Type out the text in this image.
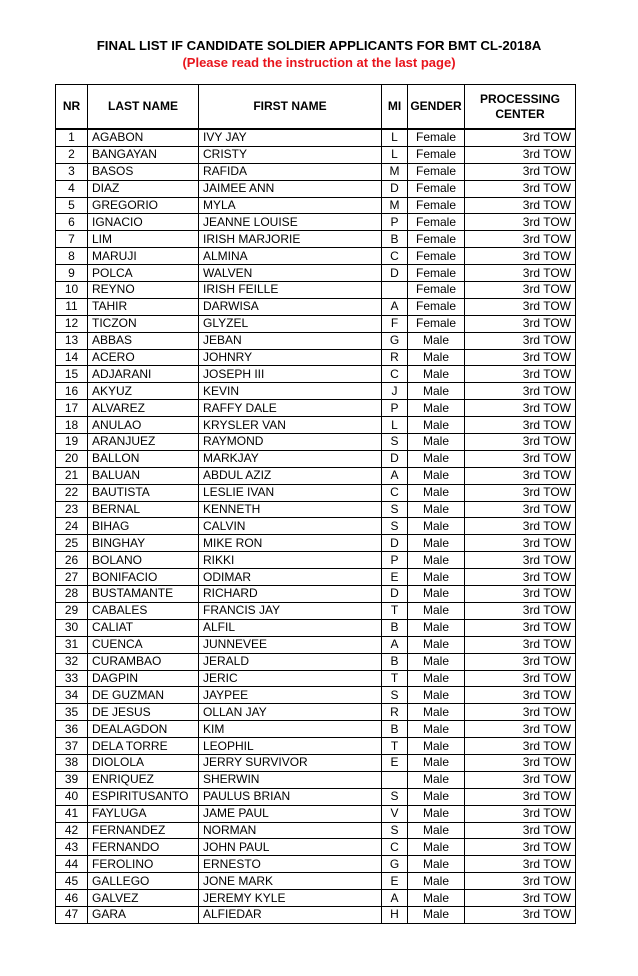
FINAL LIST IF CANDIDATE SOLDIER APPLICANTS FOR BMT CL-2018A
(Please read the instruction at the last page)
NR	LAST NAME	FIRST NAME	MI	GENDER	PROCESSING CENTER
1	AGABON	IVY JAY	L	Female	3rd TOW
2	BANGAYAN	CRISTY	L	Female	3rd TOW
3	BASOS	RAFIDA	M	Female	3rd TOW
4	DIAZ	JAIMEE ANN	D	Female	3rd TOW
5	GREGORIO	MYLA	M	Female	3rd TOW
6	IGNACIO	JEANNE LOUISE	P	Female	3rd TOW
7	LIM	IRISH MARJORIE	B	Female	3rd TOW
8	MARUJI	ALMINA	C	Female	3rd TOW
9	POLCA	WALVEN	D	Female	3rd TOW
10	REYNO	IRISH FEILLE		Female	3rd TOW
11	TAHIR	DARWISA	A	Female	3rd TOW
12	TICZON	GLYZEL	F	Female	3rd TOW
13	ABBAS	JEBAN	G	Male	3rd TOW
14	ACERO	JOHNRY	R	Male	3rd TOW
15	ADJARANI	JOSEPH III	C	Male	3rd TOW
16	AKYUZ	KEVIN	J	Male	3rd TOW
17	ALVAREZ	RAFFY DALE	P	Male	3rd TOW
18	ANULAO	KRYSLER VAN	L	Male	3rd TOW
19	ARANJUEZ	RAYMOND	S	Male	3rd TOW
20	BALLON	MARKJAY	D	Male	3rd TOW
21	BALUAN	ABDUL AZIZ	A	Male	3rd TOW
22	BAUTISTA	LESLIE IVAN	C	Male	3rd TOW
23	BERNAL	KENNETH	S	Male	3rd TOW
24	BIHAG	CALVIN	S	Male	3rd TOW
25	BINGHAY	MIKE RON	D	Male	3rd TOW
26	BOLANO	RIKKI	P	Male	3rd TOW
27	BONIFACIO	ODIMAR	E	Male	3rd TOW
28	BUSTAMANTE	RICHARD	D	Male	3rd TOW
29	CABALES	FRANCIS JAY	T	Male	3rd TOW
30	CALIAT	ALFIL	B	Male	3rd TOW
31	CUENCA	JUNNEVEE	A	Male	3rd TOW
32	CURAMBAO	JERALD	B	Male	3rd TOW
33	DAGPIN	JERIC	T	Male	3rd TOW
34	DE GUZMAN	JAYPEE	S	Male	3rd TOW
35	DE JESUS	OLLAN JAY	R	Male	3rd TOW
36	DEALAGDON	KIM	B	Male	3rd TOW
37	DELA TORRE	LEOPHIL	T	Male	3rd TOW
38	DIOLOLA	JERRY SURVIVOR	E	Male	3rd TOW
39	ENRIQUEZ	SHERWIN		Male	3rd TOW
40	ESPIRITUSANTO	PAULUS BRIAN	S	Male	3rd TOW
41	FAYLUGA	JAME PAUL	V	Male	3rd TOW
42	FERNANDEZ	NORMAN	S	Male	3rd TOW
43	FERNANDO	JOHN PAUL	C	Male	3rd TOW
44	FEROLINO	ERNESTO	G	Male	3rd TOW
45	GALLEGO	JONE MARK	E	Male	3rd TOW
46	GALVEZ	JEREMY KYLE	A	Male	3rd TOW
47	GARA	ALFIEDAR	H	Male	3rd TOW
